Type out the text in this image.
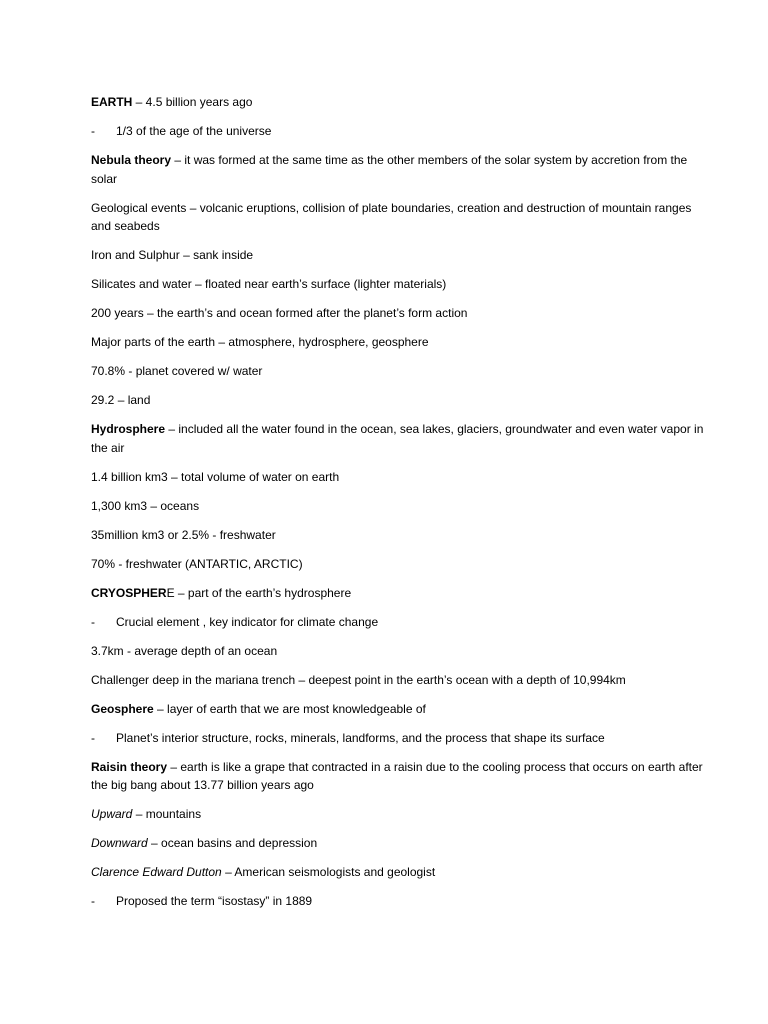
EARTH – 4.5 billion years ago

-	1/3 of the age of the universe

Nebula theory – it was formed at the same time as the other members of the solar system by accretion from the solar

Geological events – volcanic eruptions, collision of plate boundaries, creation and destruction of mountain ranges and seabeds

Iron and Sulphur – sank inside

Silicates and water – floated near earth’s surface (lighter materials)

200 years – the earth’s and ocean formed after the planet’s form action

Major parts of the earth – atmosphere, hydrosphere, geosphere

70.8% - planet covered w/ water

29.2 – land

Hydrosphere – included all the water found in the ocean, sea lakes, glaciers, groundwater and even water vapor in the air

1.4 billion km3 – total volume of water on earth

1,300 km3 – oceans

35million km3 or 2.5% - freshwater

70% - freshwater (ANTARTIC, ARCTIC)

CRYOSPHERE – part of the earth’s hydrosphere

-	Crucial element , key indicator for climate change

3.7km - average depth of an ocean

Challenger deep in the mariana trench – deepest point in the earth’s ocean with a depth of 10,994km

Geosphere – layer of earth that we are most knowledgeable of

-	Planet’s interior structure, rocks, minerals, landforms, and the process that shape its surface

Raisin theory – earth is like a grape that contracted in a raisin due to the cooling process that occurs on earth after the big bang about 13.77 billion years ago

Upward – mountains

Downward – ocean basins and depression

Clarence Edward Dutton – American seismologists and geologist

-	Proposed the term “isostasy” in 1889
